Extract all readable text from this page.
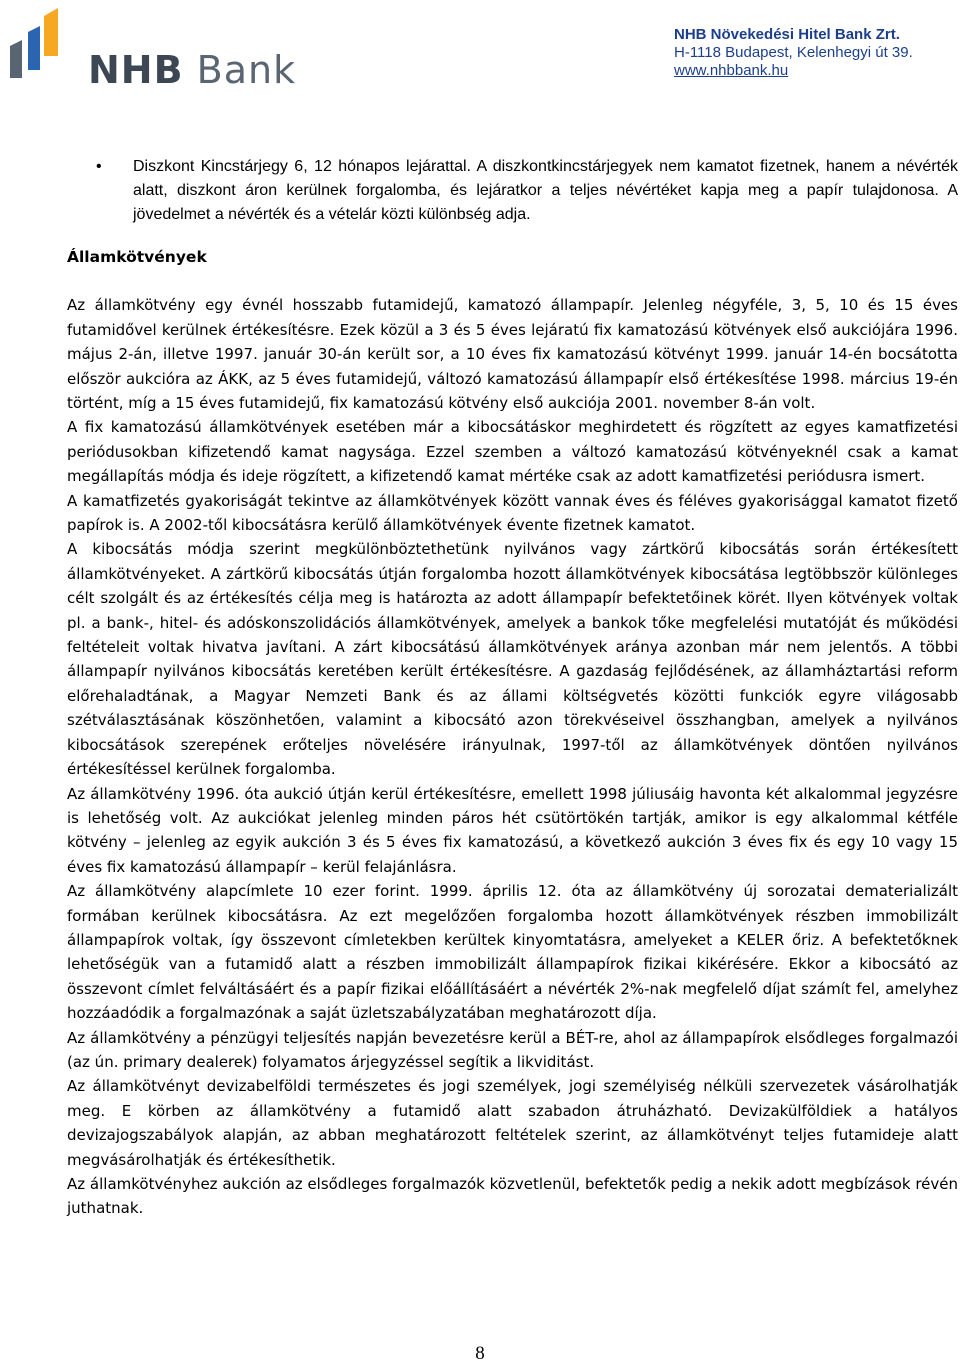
NHB Bank
NHB Növekedési Hitel Bank Zrt.
H-1118 Budapest, Kelenhegyi út 39.
www.nhbbank.hu

• Diszkont Kincstárjegy 6, 12 hónapos lejárattal. A diszkontkincstárjegyek nem kamatot fizetnek, hanem a névérték alatt, diszkont áron kerülnek forgalomba, és lejáratkor a teljes névértéket kapja meg a papír tulajdonosa. A jövedelmet a névérték és a vételár közti különbség adja.

Államkötvények

Az államkötvény egy évnél hosszabb futamidejű, kamatozó állampapír. Jelenleg négyféle, 3, 5, 10 és 15 éves futamidővel kerülnek értékesítésre. Ezek közül a 3 és 5 éves lejáratú fix kamatozású kötvények első aukciójára 1996. május 2-án, illetve 1997. január 30-án került sor, a 10 éves fix kamatozású kötvényt 1999. január 14-én bocsátotta először aukcióra az ÁKK, az 5 éves futamidejű, változó kamatozású állampapír első értékesítése 1998. március 19-én történt, míg a 15 éves futamidejű, fix kamatozású kötvény első aukciója 2001. november 8-án volt.

A fix kamatozású államkötvények esetében már a kibocsátáskor meghirdetett és rögzített az egyes kamatfizetési periódusokban kifizetendő kamat nagysága. Ezzel szemben a változó kamatozású kötvényeknél csak a kamat megállapítás módja és ideje rögzített, a kifizetendő kamat mértéke csak az adott kamatfizetési periódusra ismert.

A kamatfizetés gyakoriságát tekintve az államkötvények között vannak éves és féléves gyakorisággal kamatot fizető papírok is. A 2002-től kibocsátásra kerülő államkötvények évente fizetnek kamatot.

A kibocsátás módja szerint megkülönböztethetünk nyilvános vagy zártkörű kibocsátás során értékesített államkötvényeket. A zártkörű kibocsátás útján forgalomba hozott államkötvények kibocsátása legtöbbször különleges célt szolgált és az értékesítés célja meg is határozta az adott állampapír befektetőinek körét. Ilyen kötvények voltak pl. a bank-, hitel- és adóskonszolidációs államkötvények, amelyek a bankok tőke megfelelési mutatóját és működési feltételeit voltak hivatva javítani. A zárt kibocsátású államkötvények aránya azonban már nem jelentős. A többi állampapír nyilvános kibocsátás keretében került értékesítésre. A gazdaság fejlődésének, az államháztartási reform előrehaladtának, a Magyar Nemzeti Bank és az állami költségvetés közötti funkciók egyre világosabb szétválasztásának köszönhetően, valamint a kibocsátó azon törekvéseivel összhangban, amelyek a nyilvános kibocsátások szerepének erőteljes növelésére irányulnak, 1997-től az államkötvények döntően nyilvános értékesítéssel kerülnek forgalomba.

Az államkötvény 1996. óta aukció útján kerül értékesítésre, emellett 1998 júliusáig havonta két alkalommal jegyzésre is lehetőség volt. Az aukciókat jelenleg minden páros hét csütörtökén tartják, amikor is egy alkalommal kétféle kötvény – jelenleg az egyik aukción 3 és 5 éves fix kamatozású, a következő aukción 3 éves fix és egy 10 vagy 15 éves fix kamatozású állampapír – kerül felajánlásra.

Az államkötvény alapcímlete 10 ezer forint. 1999. április 12. óta az államkötvény új sorozatai dematerializált formában kerülnek kibocsátásra. Az ezt megelőzően forgalomba hozott államkötvények részben immobilizált állampapírok voltak, így összevont címletekben kerültek kinyomtatásra, amelyeket a KELER őriz. A befektetőknek lehetőségük van a futamidő alatt a részben immobilizált állampapírok fizikai kikérésére. Ekkor a kibocsátó az összevont címlet felváltásáért és a papír fizikai előállításáért a névérték 2%-nak megfelelő díjat számít fel, amelyhez hozzáadódik a forgalmazónak a saját üzletszabályzatában meghatározott díja.

Az államkötvény a pénzügyi teljesítés napján bevezetésre kerül a BÉT-re, ahol az állampapírok elsődleges forgalmazói (az ún. primary dealerek) folyamatos árjegyzéssel segítik a likviditást.

Az államkötvényt devizabelföldi természetes és jogi személyek, jogi személyiség nélküli szervezetek vásárolhatják meg. E körben az államkötvény a futamidő alatt szabadon átruházható. Devizakülföldiek a hatályos devizajogszabályok alapján, az abban meghatározott feltételek szerint, az államkötvényt teljes futamideje alatt megvásárolhatják és értékesíthetik.

Az államkötvényhez aukción az elsődleges forgalmazók közvetlenül, befektetők pedig a nekik adott megbízások révén juthatnak.

8
